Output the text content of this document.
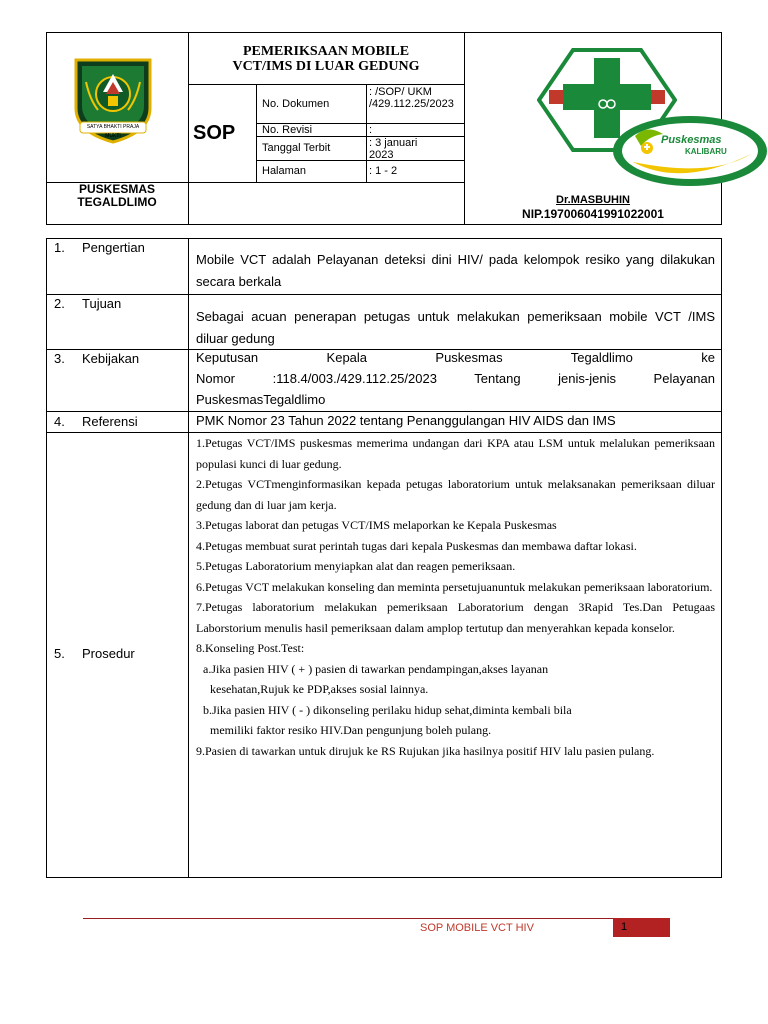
SATYA BHAKTI PRAJA MUKTI
PUSKESMAS
TEGALDLIMO
PEMERIKSAAN MOBILE
VCT/IMS DI LUAR GEDUNG
SOP
No. Dokumen
: /SOP/ UKM /429.112.25/2023
No. Revisi	:
Tanggal Terbit	: 3 januari 2023
Halaman	: 1 - 2
Puskesmas
KALIBARU
Dr.MASBUHIN
NIP.197006041991022001
1. Pengertian
Mobile VCT adalah Pelayanan deteksi dini HIV/ pada kelompok resiko yang dilakukan secara berkala
2. Tujuan
Sebagai acuan penerapan petugas untuk melakukan pemeriksaan mobile VCT /IMS diluar gedung
3. Kebijakan	Keputusan Kepala Puskesmas Tegaldlimo ke
Nomor :118.4/003./429.112.25/2023 Tentang jenis-jenis Pelayanan
PuskesmasTegaldlimo
4. Referensi	PMK Nomor 23 Tahun 2022 tentang Penanggulangan HIV AIDS dan IMS
5. Prosedur

1.Petugas VCT/IMS puskesmas memerima undangan dari KPA atau LSM untuk melalukan pemeriksaan populasi kunci di luar gedung.

2.Petugas VCTmenginformasikan kepada petugas laboratorium untuk melaksanakan pemeriksaan diluar gedung dan di luar jam kerja.

3.Petugas laborat dan petugas VCT/IMS melaporkan ke Kepala Puskesmas

4.Petugas membuat surat perintah tugas dari kepala Puskesmas dan membawa daftar lokasi.

5.Petugas Laboratorium menyiapkan alat dan reagen pemeriksaan.

6.Petugas VCT melakukan konseling dan meminta persetujuanuntuk melakukan pemeriksaan laboratorium.

7.Petugas laboratorium melakukan pemeriksaan Laboratorium dengan 3Rapid Tes.Dan Petugaas Laborstorium menulis hasil pemeriksaan dalam amplop tertutup dan menyerahkan kepada konselor.

8.Konseling Post.Test:

a.Jika pasien HIV ( + ) pasien di tawarkan pendampingan,akses layanan

kesehatan,Rujuk ke PDP,akses sosial lainnya.

b.Jika pasien HIV ( - ) dikonseling perilaku hidup sehat,diminta kembali bila

memiliki faktor resiko HIV.Dan pengunjung boleh pulang.

9.Pasien di tawarkan untuk dirujuk ke RS Rujukan jika hasilnya positif HIV lalu pasien pulang.

SOP MOBILE VCT HIV	1
